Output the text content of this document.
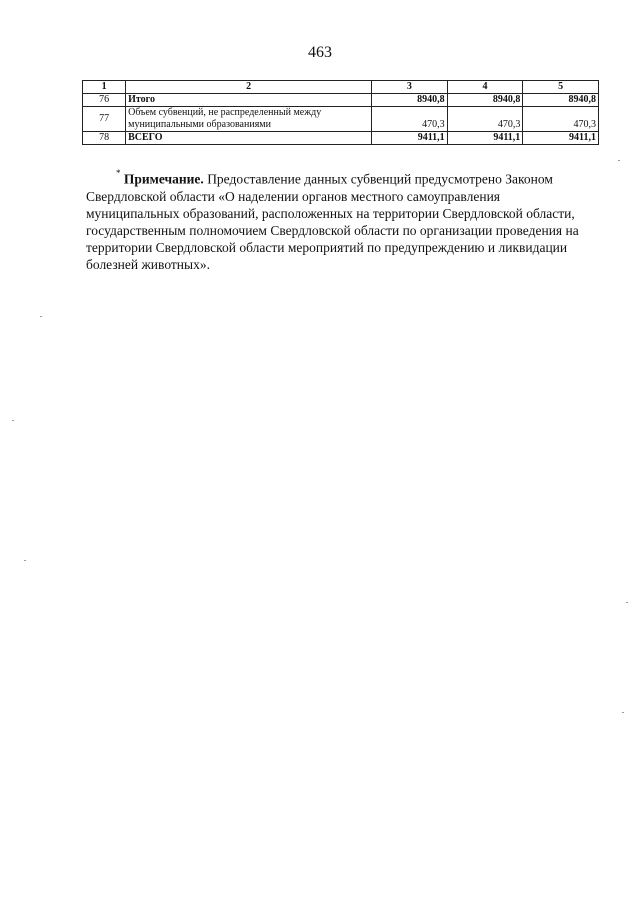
463
1	2	3	4	5
76	Итого	8940,8	8940,8	8940,8
77	Объем субвенций, не распределенный между
муниципальными образованиями	470,3	470,3	470,3
78	ВСЕГО	9411,1	9411,1	9411,1
* Примечание. Предоставление данных субвенций предусмотрено Законом Свердловской области «О наделении органов местного самоуправления муниципальных образований, расположенных на территории Свердловской области, государственным полномочием Свердловской области по организации проведения на территории Свердловской области мероприятий по предупреждению и ликвидации болезней животных».
